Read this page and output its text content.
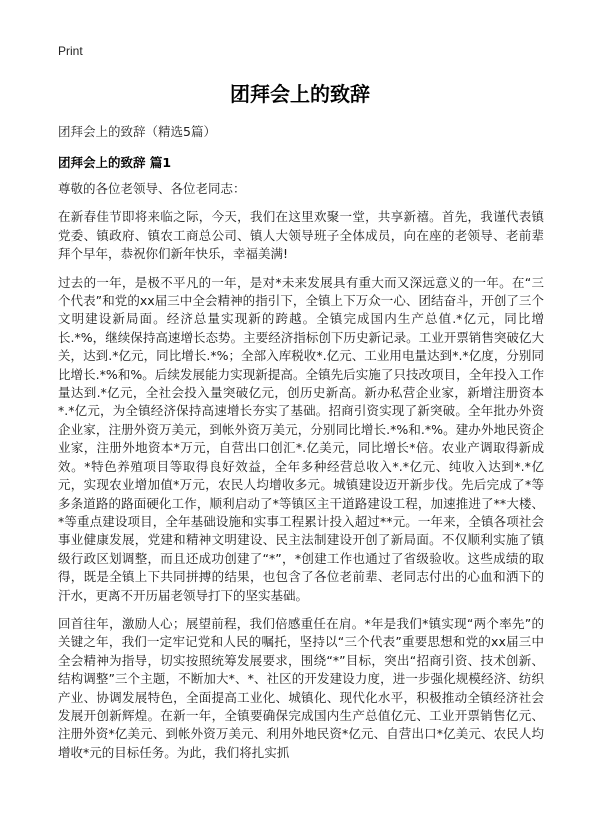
Print
团拜会上的致辞
团拜会上的致辞（精选5篇）
团拜会上的致辞 篇1

尊敬的各位老领导、各位老同志：

在新春佳节即将来临之际，今天，我们在这里欢聚一堂，共享新禧。首先，我谨代表镇党委、镇政府、镇农工商总公司、镇人大领导班子全体成员，向在座的老领导、老前辈拜个早年，恭祝你们新年快乐，幸福美满!

过去的一年，是极不平凡的一年，是对*未来发展具有重大而又深远意义的一年。在“三个代表”和党的xx届三中全会精神的指引下，全镇上下万众一心、团结奋斗，开创了三个文明建设新局面。经济总量实现新的跨越。全镇完成国内生产总值.*亿元，同比增长.*%，继续保持高速增长态势。主要经济指标创下历史新记录。工业开票销售突破亿大关，达到.*亿元，同比增长.*%；全部入库税收*.亿元、工业用电量达到*.*亿度，分别同比增长.*%和%。后续发展能力实现新提高。全镇先后实施了只技改项目，全年投入工作量达到.*亿元，全社会投入量突破亿元，创历史新高。新办私营企业家，新增注册资本*.*亿元，为全镇经济保持高速增长夯实了基础。招商引资实现了新突破。全年批办外资企业家，注册外资万美元，到帐外资万美元，分别同比增长.*%和.*%。建办外地民资企业家，注册外地资本*万元，自营出口创汇*.亿美元，同比增长*倍。农业产调取得新成效。*特色养殖项目等取得良好效益，全年多种经营总收入*.*亿元、纯收入达到*.*亿元，实现农业增加值*万元，农民人均增收多元。城镇建设迈开新步伐。先后完成了*等多条道路的路面硬化工作，顺利启动了*等镇区主干道路建设工程，加速推进了**大楼、*等重点建设项目，全年基础设施和实事工程累计投入超过**元。一年来，全镇各项社会事业健康发展，党建和精神文明建设、民主法制建设开创了新局面。不仅顺利实施了镇级行政区划调整，而且还成功创建了“*”，*创建工作也通过了省级验收。这些成绩的取得，既是全镇上下共同拼搏的结果，也包含了各位老前辈、老同志付出的心血和洒下的汗水，更离不开历届老领导打下的坚实基础。

回首往年，激励人心；展望前程，我们倍感重任在肩。*年是我们*镇实现“两个率先”的关键之年，我们一定牢记党和人民的嘱托，坚持以“三个代表”重要思想和党的xx届三中全会精神为指导，切实按照统筹发展要求，围绕“*”目标，突出“招商引资、技术创新、结构调整”三个主题，不断加大*、*、社区的开发建设力度，进一步强化规模经济、纺织产业、协调发展特色，全面提高工业化、城镇化、现代化水平，积极推动全镇经济社会发展开创新辉煌。在新一年，全镇要确保完成国内生产总值亿元、工业开票销售亿元、注册外资*亿美元、到帐外资万美元、利用外地民资*亿元、自营出口*亿美元、农民人均增收*元的目标任务。为此，我们将扎实抓
